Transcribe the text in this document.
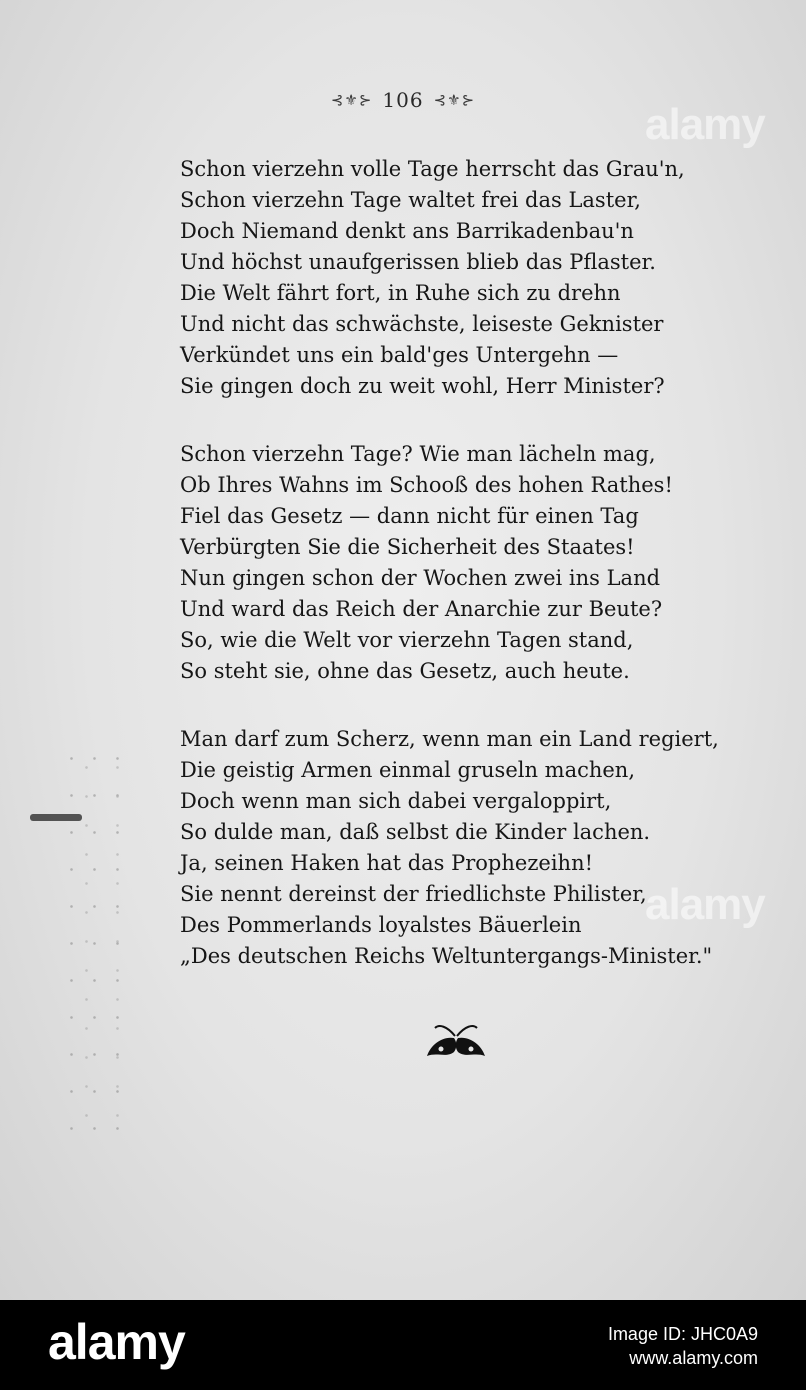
⊰⚜⊱ 106 ⊰⚜⊱
Schon vierzehn volle Tage herrscht das Grau'n,
Schon vierzehn Tage waltet frei das Laster,
Doch Niemand denkt ans Barrikadenbau'n
Und höchst unaufgerissen blieb das Pflaster.
Die Welt fährt fort, in Ruhe sich zu drehn
Und nicht das schwächste, leiseste Geknister
Verkündet uns ein bald'ges Untergehn —
Sie gingen doch zu weit wohl, Herr Minister?
Schon vierzehn Tage? Wie man lächeln mag,
Ob Ihres Wahns im Schooß des hohen Rathes!
Fiel das Gesetz — dann nicht für einen Tag
Verbürgten Sie die Sicherheit des Staates!
Nun gingen schon der Wochen zwei ins Land
Und ward das Reich der Anarchie zur Beute?
So, wie die Welt vor vierzehn Tagen stand,
So steht sie, ohne das Gesetz, auch heute.
Man darf zum Scherz, wenn man ein Land regiert,
Die geistig Armen einmal gruseln machen,
Doch wenn man sich dabei vergaloppirt,
So dulde man, daß selbst die Kinder lachen.
Ja, seinen Haken hat das Prophezeihn!
Sie nennt dereinst der friedlichste Philister,
Des Pommerlands loyalstes Bäuerlein
„Des deutschen Reichs Weltuntergangs-Minister."
alamy
alamy
alamy	Image ID: JHC0A9
www.alamy.com
